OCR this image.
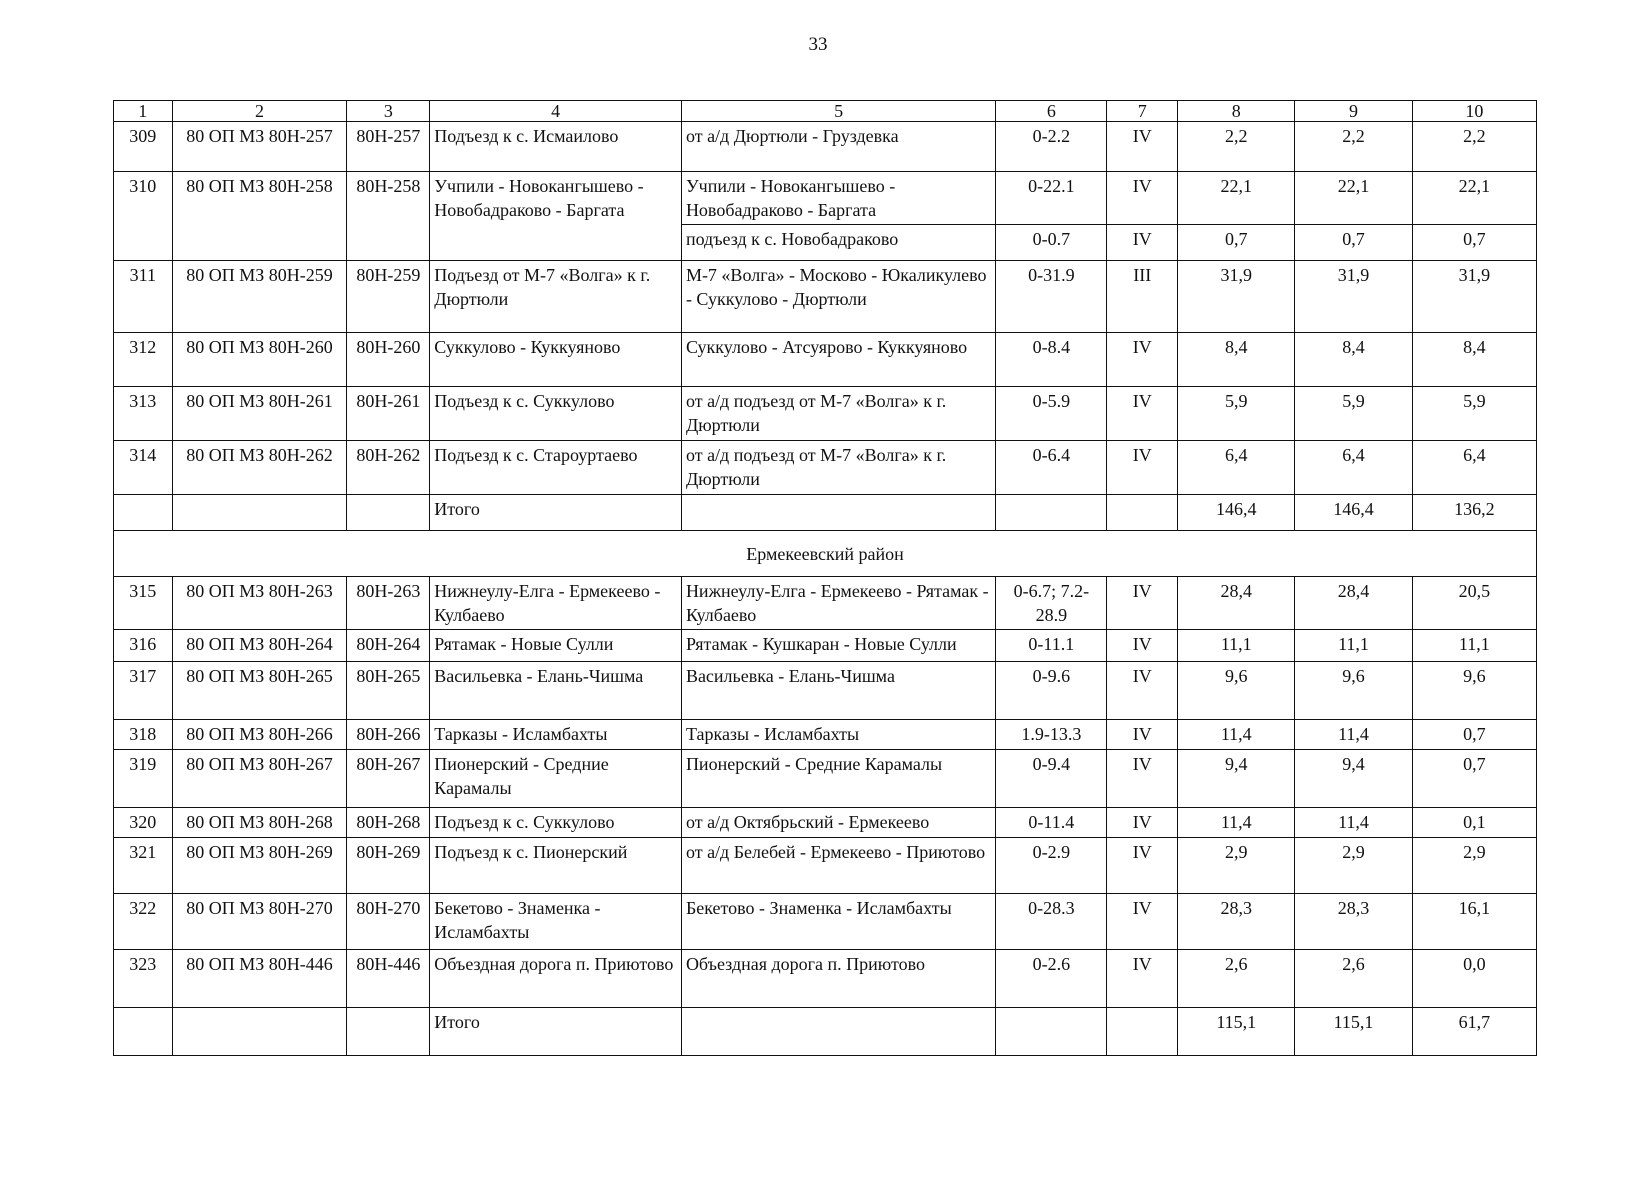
33
1	2	3	4	5	6	7	8	9	10
309	80 ОП МЗ 80Н-257	80Н-257	Подъезд к с. Исмаилово	от а/д Дюртюли - Груздевка	0-2.2	IV	2,2	2,2	2,2
310	80 ОП МЗ 80Н-258	80Н-258	Учпили - Новокангышево - Новобадраково - Баргата	Учпили - Новокангышево - Новобадраково - Баргата	0-22.1	IV	22,1	22,1	22,1
				подъезд к с. Новобадраково	0-0.7	IV	0,7	0,7	0,7
311	80 ОП МЗ 80Н-259	80Н-259	Подъезд от М-7 «Волга» к г. Дюртюли	М-7 «Волга» - Москово - Юкаликулево - Суккулово - Дюртюли	0-31.9	III	31,9	31,9	31,9
312	80 ОП МЗ 80Н-260	80Н-260	Суккулово - Куккуяново	Суккулово - Атсуярово - Куккуяново	0-8.4	IV	8,4	8,4	8,4
313	80 ОП МЗ 80Н-261	80Н-261	Подъезд к с. Суккулово	от а/д подъезд от М-7 «Волга» к г. Дюртюли	0-5.9	IV	5,9	5,9	5,9
314	80 ОП МЗ 80Н-262	80Н-262	Подъезд к с. Староуртаево	от а/д подъезд от М-7 «Волга» к г. Дюртюли	0-6.4	IV	6,4	6,4	6,4
			Итого				146,4	146,4	136,2
Ермекеевский район									
315	80 ОП МЗ 80Н-263	80Н-263	Нижнеулу-Елга - Ермекеево - Кулбаево	Нижнеулу-Елга - Ермекеево - Рятамак - Кулбаево	0-6.7; 7.2-28.9	IV	28,4	28,4	20,5
316	80 ОП МЗ 80Н-264	80Н-264	Рятамак - Новые Сулли	Рятамак - Кушкаран - Новые Сулли	0-11.1	IV	11,1	11,1	11,1
317	80 ОП МЗ 80Н-265	80Н-265	Васильевка - Елань-Чишма	Васильевка - Елань-Чишма	0-9.6	IV	9,6	9,6	9,6
318	80 ОП МЗ 80Н-266	80Н-266	Тарказы - Исламбахты	Тарказы - Исламбахты	1.9-13.3	IV	11,4	11,4	0,7
319	80 ОП МЗ 80Н-267	80Н-267	Пионерский - Средние Карамалы	Пионерский - Средние Карамалы	0-9.4	IV	9,4	9,4	0,7
320	80 ОП МЗ 80Н-268	80Н-268	Подъезд к с. Суккулово	от а/д Октябрьский - Ермекеево	0-11.4	IV	11,4	11,4	0,1
321	80 ОП МЗ 80Н-269	80Н-269	Подъезд к с. Пионерский	от а/д Белебей - Ермекеево - Приютово	0-2.9	IV	2,9	2,9	2,9
322	80 ОП МЗ 80Н-270	80Н-270	Бекетово - Знаменка - Исламбахты	Бекетово - Знаменка - Исламбахты	0-28.3	IV	28,3	28,3	16,1
323	80 ОП МЗ 80Н-446	80Н-446	Объездная дорога п. Приютово	Объездная дорога п. Приютово	0-2.6	IV	2,6	2,6	0,0
			Итого				115,1	115,1	61,7
